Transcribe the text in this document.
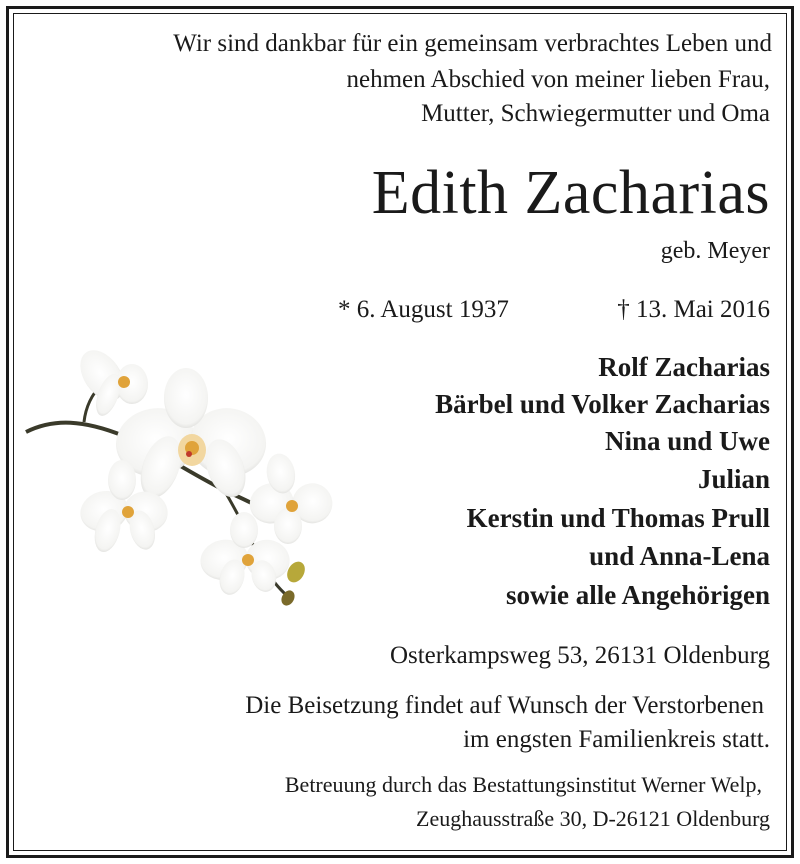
Wir sind dankbar für ein gemeinsam verbrachtes Leben und
nehmen Abschied von meiner lieben Frau,
Mutter, Schwiegermutter und Oma
Edith Zacharias
geb. Meyer
* 6. August 1937	† 13. Mai 2016
Rolf Zacharias
Bärbel und Volker Zacharias
Nina und Uwe
Julian
Kerstin und Thomas Prull
und Anna-Lena
sowie alle Angehörigen
Osterkampsweg 53, 26131 Oldenburg
Die Beisetzung findet auf Wunsch der Verstorbenen
im engsten Familienkreis statt.
Betreuung durch das Bestattungsinstitut Werner Welp,
Zeughausstraße 30, D-26121 Oldenburg
